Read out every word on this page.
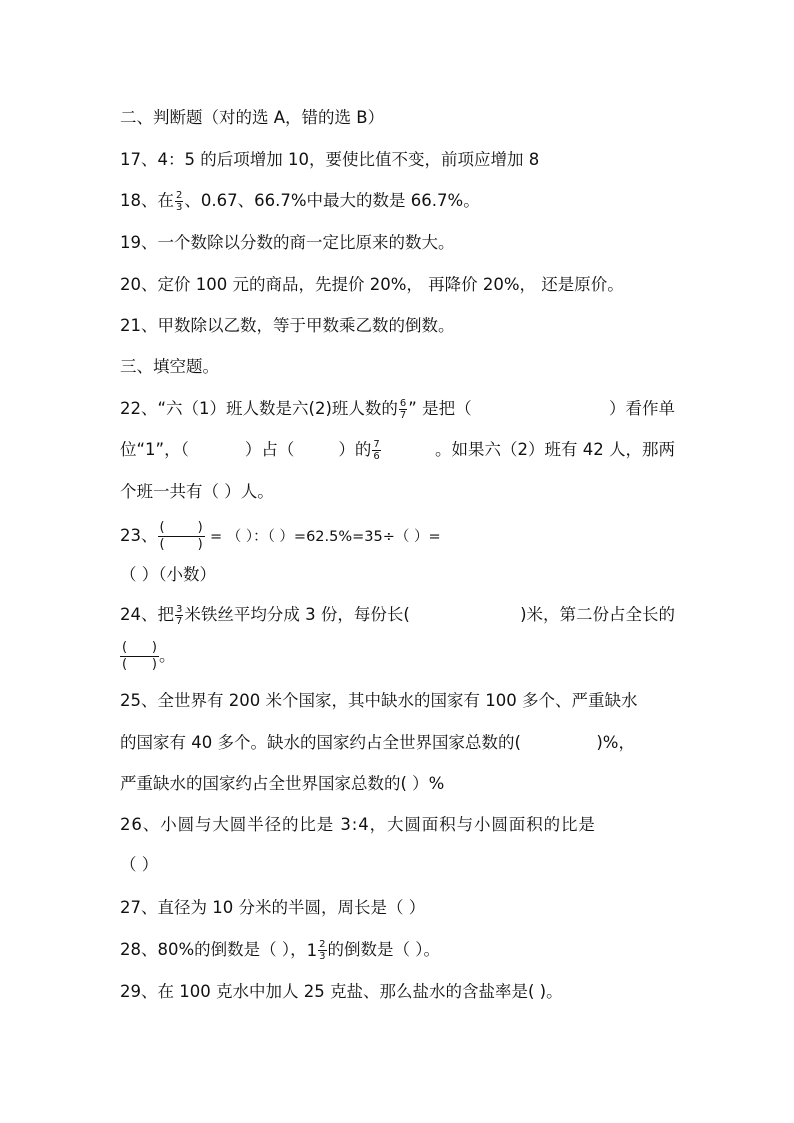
二、判断题（对的选 A，错的选 B）
17、4：5 的后项增加 10，要使比值不变，前项应增加 8
18、在 $\frac{2}{3}$ 、0.67、66.7%中最大的数是 66.7%。
19、一个数除以分数的商一定比原来的数大。
20、定价 100 元的商品，先提价 20%， 再降价 20%， 还是原价。
21、甲数除以乙数，等于甲数乘乙数的倒数。
三、填空题。
22、“六（1）班人数是六(2)班人数的 $\frac{6}{7}$ ” 是把（	）看作单
位“1”，（	）占（	）的 $\frac{7}{6}$	。如果六（2）班有 42 人，那两
个班一共有（ ）人。
23、 (        )
(        ) = （ ）：（ ）=62.5%=35÷（ ）=
（ ）（小数）
24、把 $\frac{3}{7}$ 米铁丝平均分成 3 份，每份长(	)米，第二份占全长的
(      )
(      ) 。
25、全世界有 200 米个国家，其中缺水的国家有 100 多个、严重缺水
的国家有 40 多个。缺水的国家约占全世界国家总数的(	)%，
严重缺水的国家约占全世界国家总数的( ）%
26、小圆与大圆半径的比是 3:4，大圆面积与小圆面积的比是
（ ）
27、直径为 10 分米的半圆，周长是（ ）
28、80%的倒数是（ ）， $1 \frac{2}{3}$ 的倒数是（ ）。
29、在 100 克水中加人 25 克盐、那么盐水的含盐率是( )。
